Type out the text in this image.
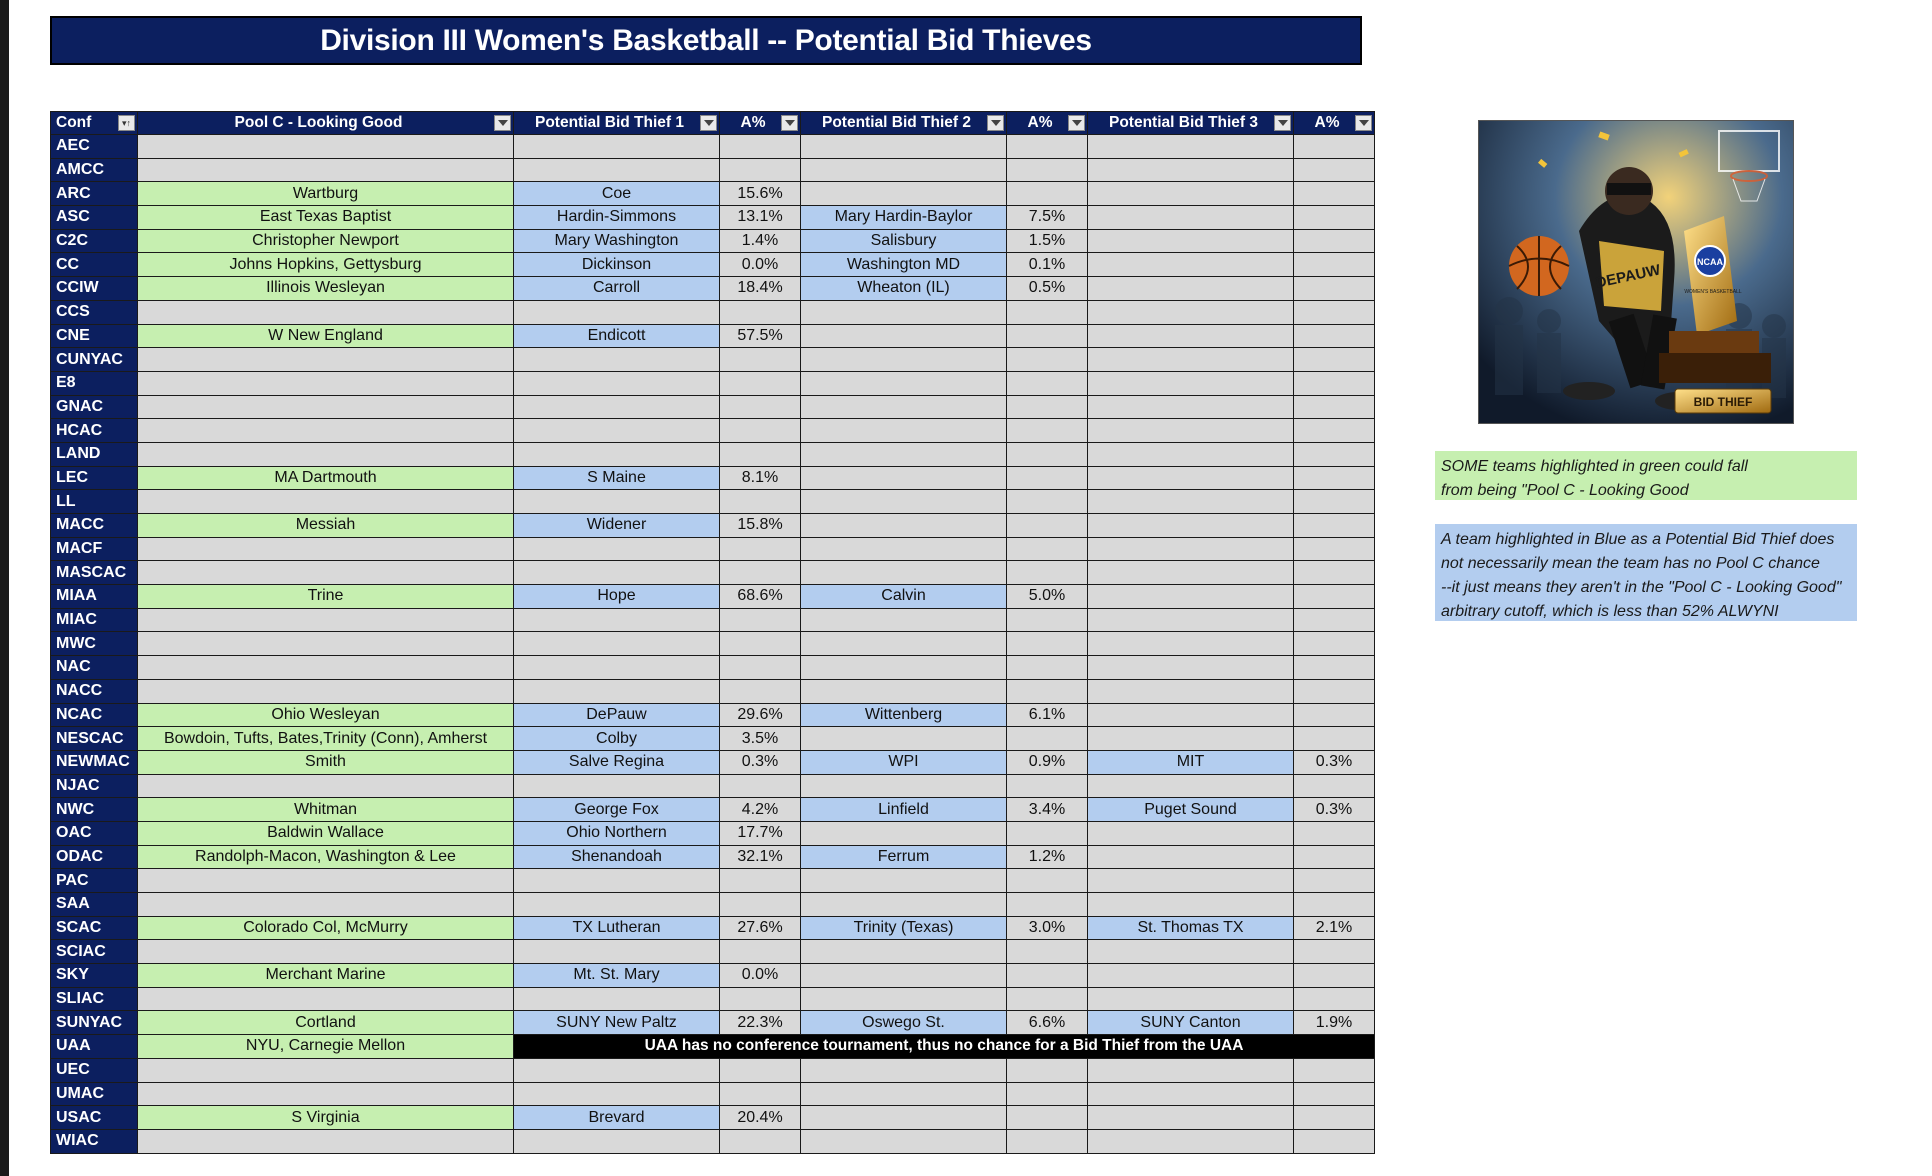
Division III Women's Basketball -- Potential Bid Thieves
Conf ▾↑	Pool C - Looking Good	Potential Bid Thief 1	A%	Potential Bid Thief 2	A%	Potential Bid Thief 3	A%

AEC							
AMCC							
ARC	Wartburg	Coe	15.6%				
ASC	East Texas Baptist	Hardin-Simmons	13.1%	Mary Hardin-Baylor	7.5%		
C2C	Christopher Newport	Mary Washington	1.4%	Salisbury	1.5%		
CC	Johns Hopkins, Gettysburg	Dickinson	0.0%	Washington MD	0.1%		
CCIW	Illinois Wesleyan	Carroll	18.4%	Wheaton (IL)	0.5%		
CCS							
CNE	W New England	Endicott	57.5%				
CUNYAC							
E8							
GNAC							
HCAC							
LAND							
LEC	MA Dartmouth	S Maine	8.1%				
LL							
MACC	Messiah	Widener	15.8%				
MACF							
MASCAC							
MIAA	Trine	Hope	68.6%	Calvin	5.0%		
MIAC							
MWC							
NAC							
NACC							
NCAC	Ohio Wesleyan	DePauw	29.6%	Wittenberg	6.1%		
NESCAC	Bowdoin, Tufts, Bates,Trinity (Conn), Amherst	Colby	3.5%				
NEWMAC	Smith	Salve Regina	0.3%	WPI	0.9%	MIT	0.3%
NJAC							
NWC	Whitman	George Fox	4.2%	Linfield	3.4%	Puget Sound	0.3%
OAC	Baldwin Wallace	Ohio Northern	17.7%				
ODAC	Randolph-Macon, Washington & Lee	Shenandoah	32.1%	Ferrum	1.2%		
PAC							
SAA							
SCAC	Colorado Col, McMurry	TX Lutheran	27.6%	Trinity (Texas)	3.0%	St. Thomas TX	2.1%
SCIAC							
SKY	Merchant Marine	Mt. St. Mary	0.0%				
SLIAC							
SUNYAC	Cortland	SUNY New Paltz	22.3%	Oswego St.	6.6%	SUNY Canton	1.9%
UAA	NYU, Carnegie Mellon	UAA has no conference tournament, thus no chance for a Bid Thief from the UAA					
UEC							
UMAC							
USAC	S Virginia	Brevard	20.4%				
WIAC							
DEPAUW	NCAA
WOMEN'S BASKETBALL
BID THIEF
SOME teams highlighted in green could fall
from being "Pool C - Looking Good
A team highlighted in Blue as a Potential Bid Thief does
not necessarily mean the team has no Pool C chance
--it just means they aren't in the "Pool C - Looking Good"
arbitrary cutoff, which is less than 52% ALWYNI
